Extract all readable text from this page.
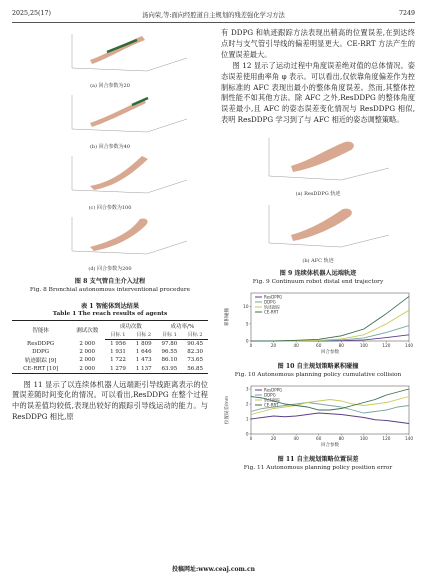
2025,25(17)	汤向荣,等:面向经腔道自主规划的残差强化学习方法	7249
(a) 回合参数为20
(b) 回合参数为40
(c) 回合参数为100
(d) 回合参数为200
图 8 支气管自主介入过程
Fig. 8 Bronchial autonomous interventional procedure
表 1 智能体到达结果
Table 1 The reach results of agents
智能体	测试次数	成功次数		成功率/%	
		目标 1	目标 2	目标 1	目标 2
ResDDPG	2 000	1 956	1 809	97.80	90.45
DDPG	2 000	1 931	1 646	96.55	82.30
轨迹跟踪 [9]	2 000	1 722	1 473	86.10	73.65
CE-RRT [10]	2 000	1 279	1 137	63.95	56.85

图 11 显示了以连续体机器人远端距引导线距离表示的位置误差随时间变化的情况。可以看出,ResDDPG 在整个过程中的误差值均较低,表现出较好的跟踪引导线运动的能力。与 ResDDPG 相比,原

有 DDPG 和轨迹跟踪方法表现出稍高的位置误差,在到达终点时与支气管引导线的偏差明显更大。CE-RRT 方法产生的位置误差最大。

图 12 显示了运动过程中角度误差绝对值的总体情况。姿态误差使用曲率角 φ 表示。可以看出,仅依靠角度偏差作为控制标准的 AFC 表现出最小的整体角度误差。然而,其整体控制性能不如其他方法。除 AFC 之外,ResDDPG 的整体角度误差最小,且 AFC 的姿态误差变化情况与 ResDDPG 相似,表明 ResDDPG 学习到了与 AFC 相近的姿态调整策略。

(a) ResDDPG 轨迹
(b) AFC 轨迹
图 9 连续体机器人远端轨迹
Fig. 9 Continuum robot distal end trajectory
0	20	40	60	80	100	120	140
0
5
10
回合参数
累积碰撞
ResDPPG
DDPG
轨迹跟踪
CE-RRT
图 10 自主规划策略累积碰撞
Fig. 10 Autonomous planning policy cumulative collision
0	20	40	60	80	100	120	140
0
1
2
3
回合参数
位置误差/mm
ResDPPG
DDPG
轨迹跟踪
CE-RRT
图 11 自主规划策略位置误差
Fig. 11 Autonomous planning policy position error
投稿网址:www.ceaj.com.cn
